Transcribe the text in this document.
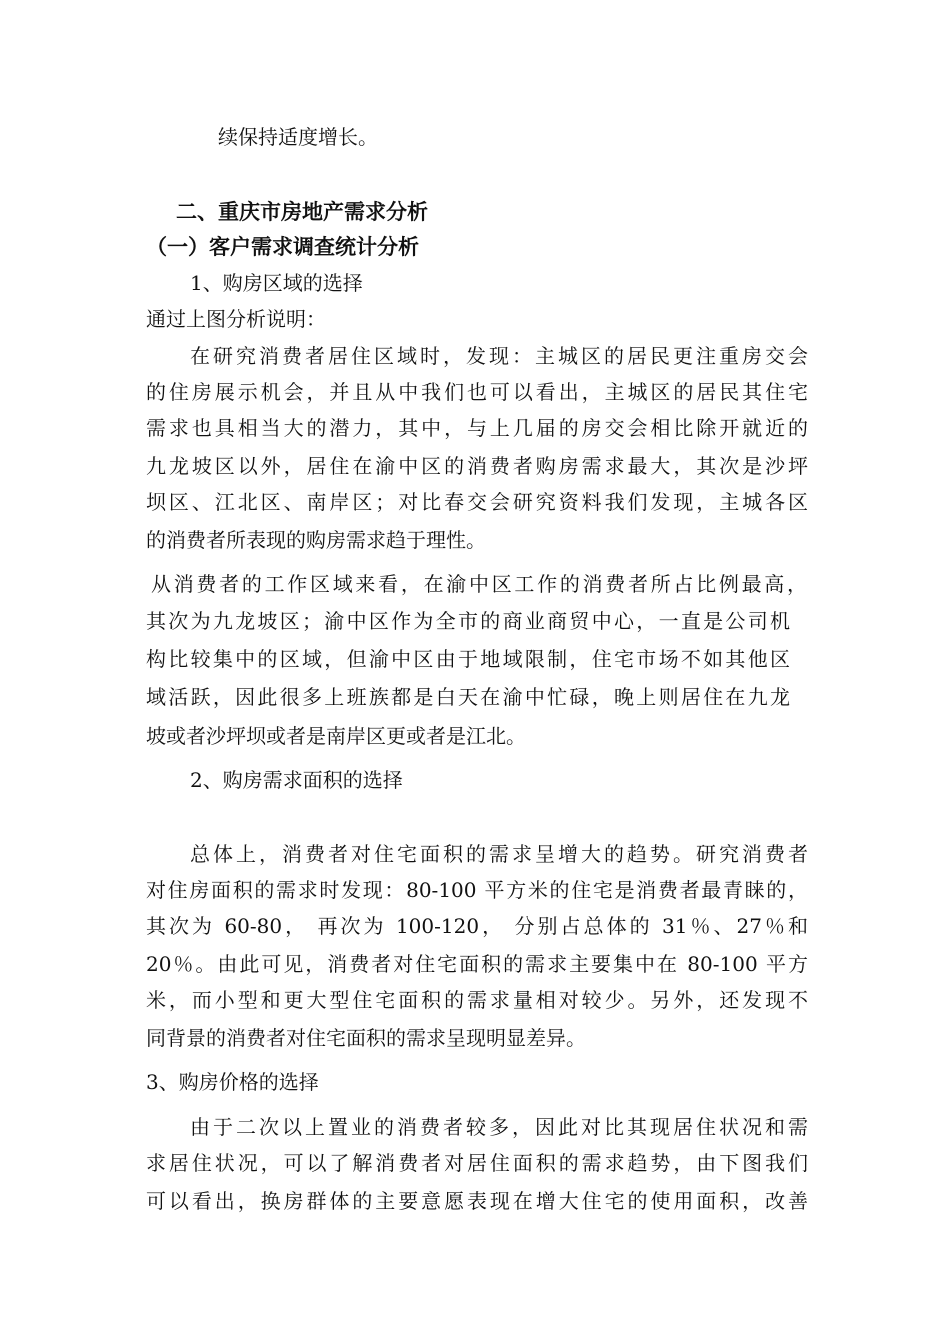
续保持适度增长。
二、重庆市房地产需求分析
（一）客户需求调查统计分析
1、购房区域的选择
通过上图分析说明：
在研究消费者居住区域时，发现：主城区的居民更注重房交会
的住房展示机会，并且从中我们也可以看出，主城区的居民其住宅
需求也具相当大的潜力，其中，与上几届的房交会相比除开就近的
九龙坡区以外，居住在渝中区的消费者购房需求最大，其次是沙坪
坝区、江北区、南岸区；对比春交会研究资料我们发现，主城各区
的消费者所表现的购房需求趋于理性。
从消费者的工作区域来看，在渝中区工作的消费者所占比例最高，
其次为九龙坡区；渝中区作为全市的商业商贸中心，一直是公司机
构比较集中的区域，但渝中区由于地域限制，住宅市场不如其他区
域活跃，因此很多上班族都是白天在渝中忙碌，晚上则居住在九龙
坡或者沙坪坝或者是南岸区更或者是江北。
2、购房需求面积的选择
总体上，消费者对住宅面积的需求呈增大的趋势。研究消费者
对住房面积的需求时发现：80-100 平方米的住宅是消费者最青睐的，
其次为 60-80， 再次为 100-120， 分别占总体的 31％、27％和
20％。由此可见，消费者对住宅面积的需求主要集中在 80-100 平方
米，而小型和更大型住宅面积的需求量相对较少。另外，还发现不
同背景的消费者对住宅面积的需求呈现明显差异。
3、购房价格的选择
由于二次以上置业的消费者较多，因此对比其现居住状况和需
求居住状况，可以了解消费者对居住面积的需求趋势，由下图我们
可以看出，换房群体的主要意愿表现在增大住宅的使用面积，改善
